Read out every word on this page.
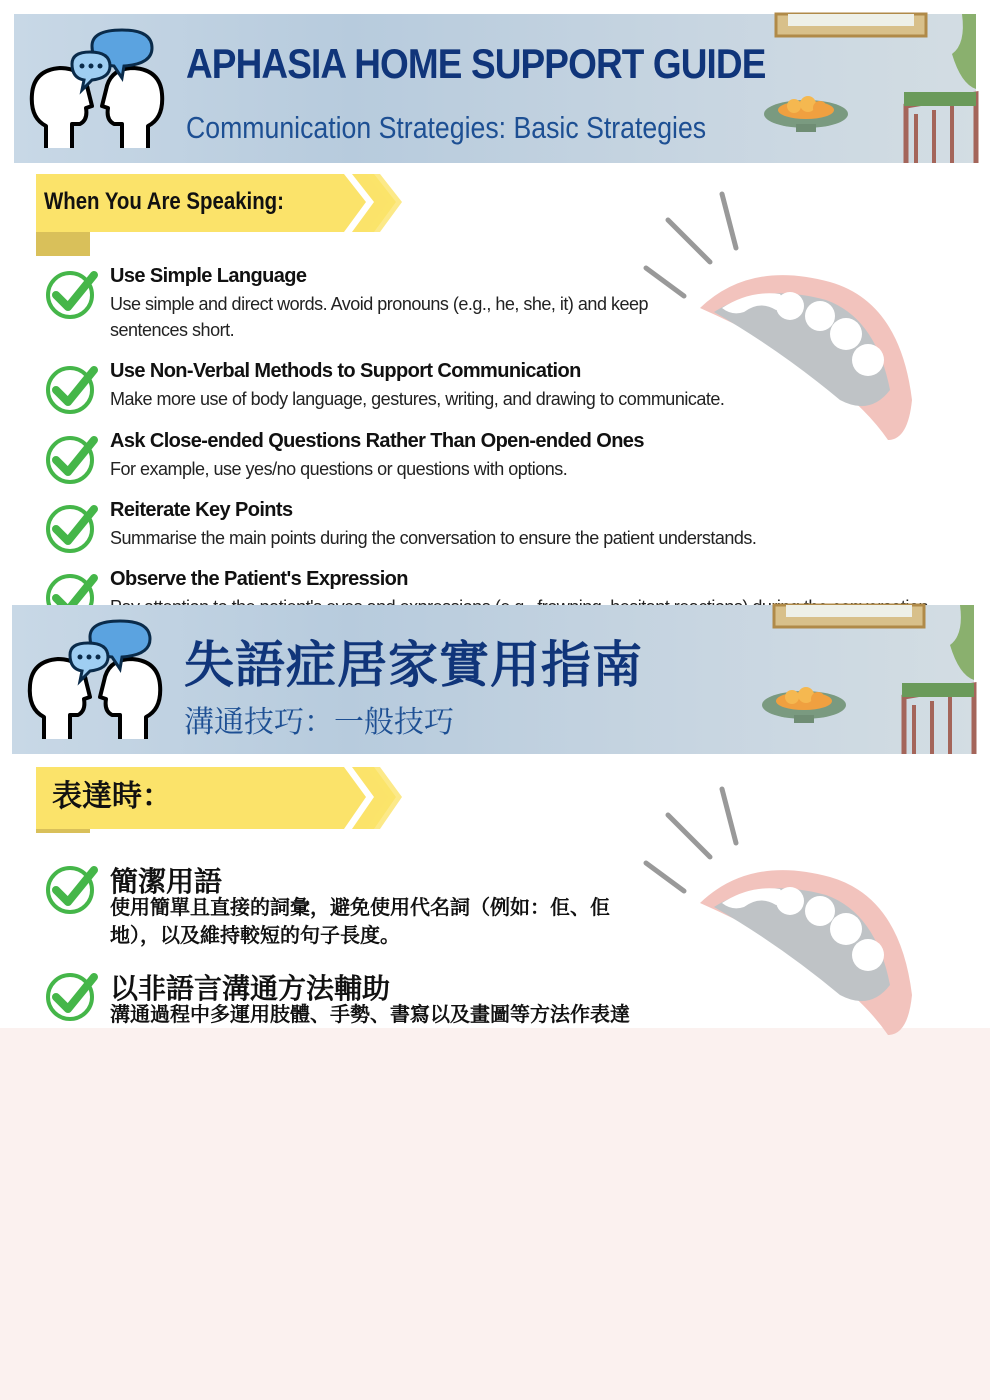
APHASIA HOME SUPPORT GUIDE
Communication Strategies: Basic Strategies
When You Are Speaking:
Use Simple Language
Use simple and direct words. Avoid pronouns (e.g., he, she, it) and keep sentences short.
Use Non-Verbal Methods to Support Communication
Make more use of body language, gestures, writing, and drawing to communicate.
Ask Close-ended Questions Rather Than Open-ended Ones
For example, use yes/no questions or questions with options.
Reiterate Key Points
Summarise the main points during the conversation to ensure the patient understands.
Observe the Patient's Expression
失語症居家實用指南
溝通技巧：一般技巧
表達時：
簡潔用語
使用簡單且直接的詞彙，避免使用代名詞（例如：佢、佢地），以及維持較短的句子長度。
以非語言溝通方法輔助
溝通過程中多運用肢體、手勢、書寫以及畫圖等方法作表達
